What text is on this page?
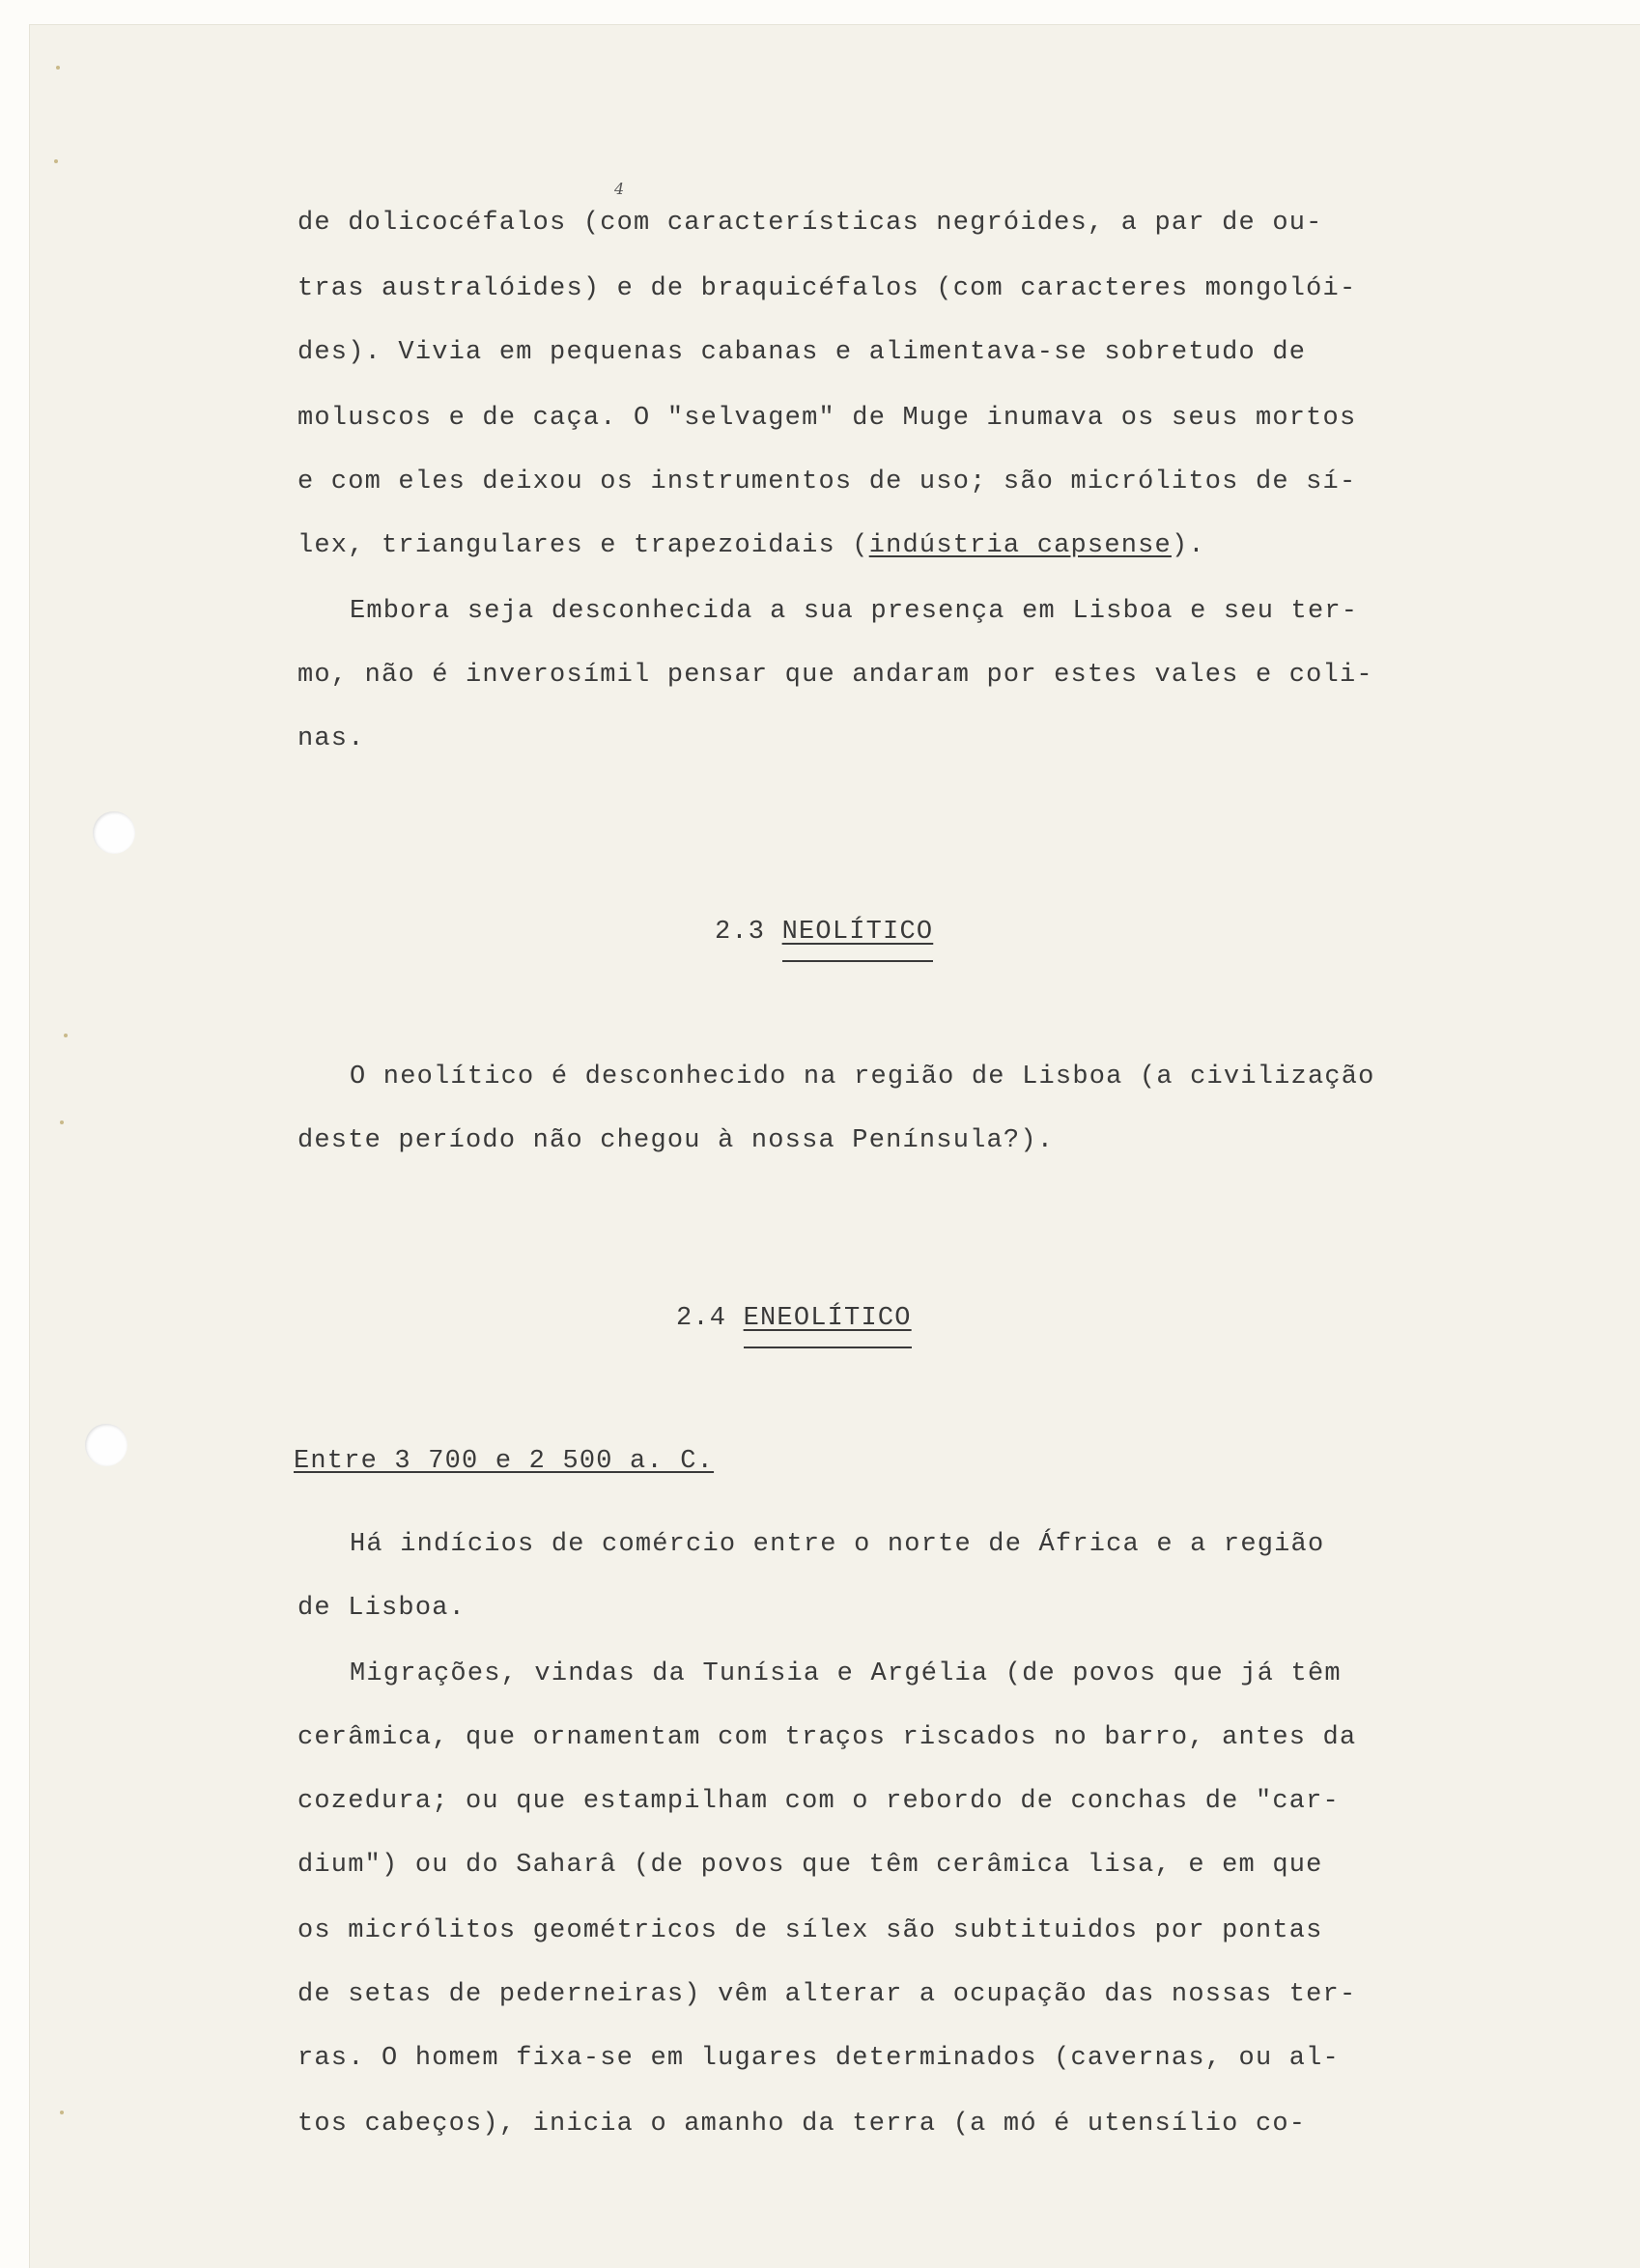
4
de dolicocéfalos (com características negróides, a par de ou-
tras australóides) e de braquicéfalos (com caracteres mongolói-
des). Vivia em pequenas cabanas e alimentava-se sobretudo de
moluscos e de caça. O "selvagem" de Muge inumava os seus mortos
e com eles deixou os instrumentos de uso; são micrólitos de sí-
lex, triangulares e trapezoidais (indústria capsense).
Embora seja desconhecida a sua presença em Lisboa e seu ter-
mo, não é inverosímil pensar que andaram por estes vales e coli-
nas.
2.3 NEOLÍTICO
O neolítico é desconhecido na região de Lisboa (a civilização
deste período não chegou à nossa Península?).
2.4 ENEOLÍTICO
Entre 3 700 e 2 500 a. C.
Há indícios de comércio entre o norte de África e a região
de Lisboa.
Migrações, vindas da Tunísia e Argélia (de povos que já têm
cerâmica, que ornamentam com traços riscados no barro, antes da
cozedura; ou que estampilham com o rebordo de conchas de "car-
dium") ou do Saharâ (de povos que têm cerâmica lisa, e em que
os micrólitos geométricos de sílex são subtituidos por pontas
de setas de pederneiras) vêm alterar a ocupação das nossas ter-
ras. O homem fixa-se em lugares determinados (cavernas, ou al-
tos cabeços), inicia o amanho da terra (a mó é utensílio co-
